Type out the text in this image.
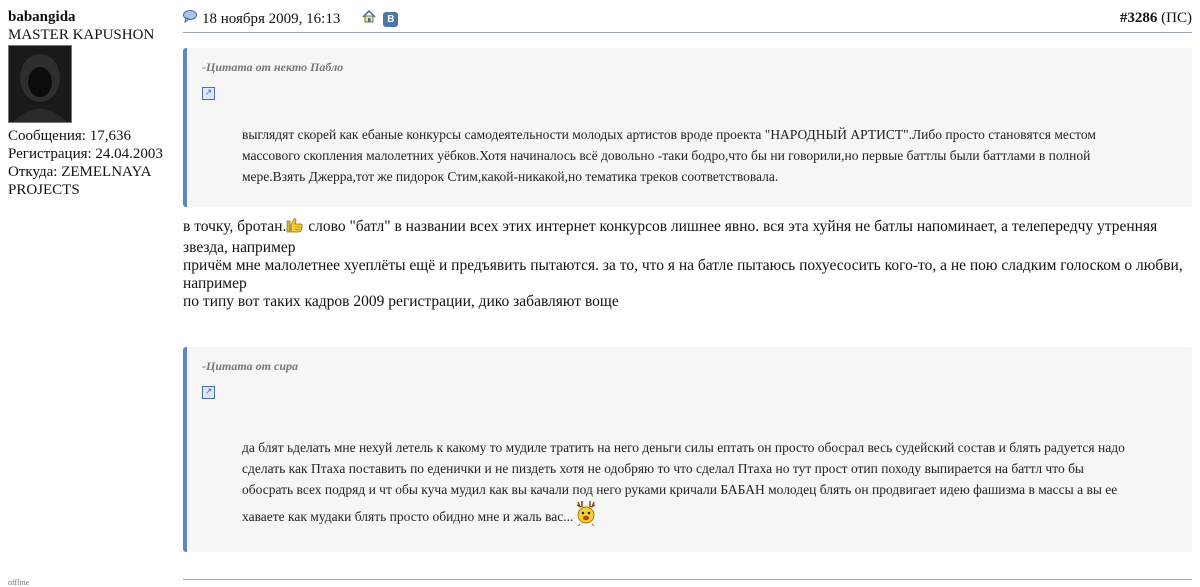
babangida
MASTER KAPUSHON
Сообщения: 17,636
Регистрация: 24.04.2003
Откуда: ZEMELNAYA PROJECTS
offline
18 ноября 2009, 16:13	В	#3286 (ПС)
-Цитата от некто Пабло
↗
выглядят скорей как ебаные конкурсы самодеятельности молодых артистов вроде проекта "НАРОДНЫЙ АРТИСТ".Либо просто становятся местом массового скопления малолетних уёбков.Хотя начиналось всё довольно -таки бодро,что бы ни говорили,но первые баттлы были баттлами в полной мере.Взять Джерра,тот же пидорок Стим,какой-никакой,но тематика треков соответствовала.
в точку, бротан. слово "батл" в названии всех этих интернет конкурсов лишнее явно. вся эта хуйня не батлы напоминает, а телепередчу утренняя звезда, например
причём мне малолетнее хуеплёты ещё и предъявить пытаются. за то, что я на батле пытаюсь похуесосить кого-то, а не пою сладким голоском о любви, например
по типу вот таких кадров 2009 регистрации, дико забавляют воще
-Цитата от сира
↗
да блят ьделать мне нехуй летель к какому то мудиле тратить на него деньги силы ептать он просто обосрал весь судейский состав и блять радуется надо сделать как Птаха поставить по еденички и не пиздеть хотя не одобряю то что сделал Птаха но тут прост отип походу выпирается на баттл что бы обосрать всех подряд и чт обы куча мудил как вы качали под него руками кричали БАБАН молодец блять он продвигает идею фашизма в массы а вы ее хаваете как мудаки блять просто обидно мне и жаль вас...
